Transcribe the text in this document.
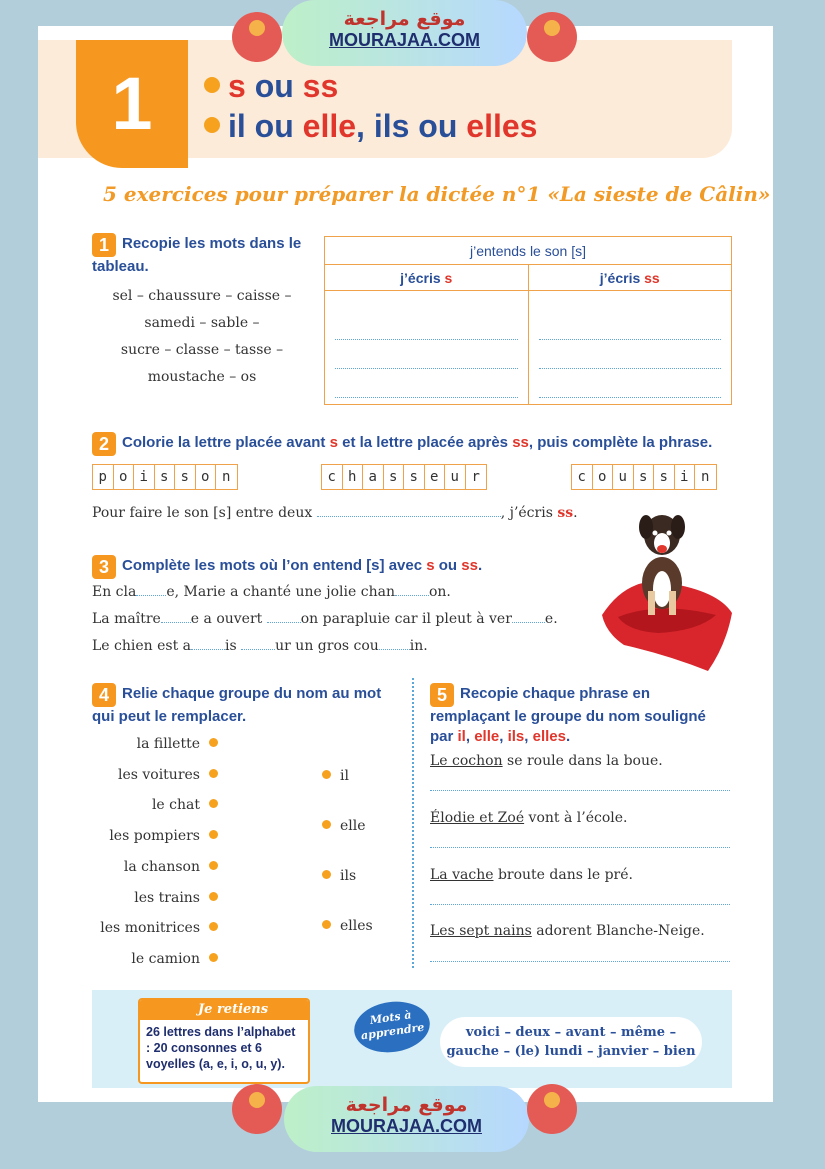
موقع مراجعة
MOURAJAA.COM
موقع مراجعة
MOURAJAA.COM
1	s ou ss
il ou elle, ils ou elles
5 exercices pour préparer la dictée n°1 «La sieste de Câlin»
1 Recopie les mots dans le tableau.
sel – chaussure – caisse –
samedi – sable –
sucre – classe – tasse –
moustache – os
j’entends le son [s]
j’écris s	j’écris ss
2 Colorie la lettre placée avant s et la lettre placée après ss, puis complète la phrase.
p o i s s o n	c h a s s e u r	c o u s s i n
Pour faire le son [s] entre deux	, j’écris ss.
3 Complète les mots où l’on entend [s] avec s ou ss.
En cla e, Marie a chanté une jolie chan on.
La maître e a ouvert on parapluie car il pleut à ver e.
Le chien est a is ur un gros cou in.
4 Relie chaque groupe du nom au mot qui peut le remplacer.
la fillette
les voitures
le chat
les pompiers
la chanson
les trains
les monitrices
le camion
il
elle
ils
elles
5 Recopie chaque phrase en remplaçant le groupe du nom souligné par il, elle, ils, elles.
Le cochon se roule dans la boue.
Élodie et Zoé vont à l’école.
La vache broute dans le pré.
Les sept nains adorent Blanche-Neige.
Je retiens
26 lettres dans l’alphabet : 20 consonnes et 6 voyelles (a, e, i, o, u, y).
Mots à apprendre	voici – deux – avant – même –
gauche – (le) lundi – janvier – bien
